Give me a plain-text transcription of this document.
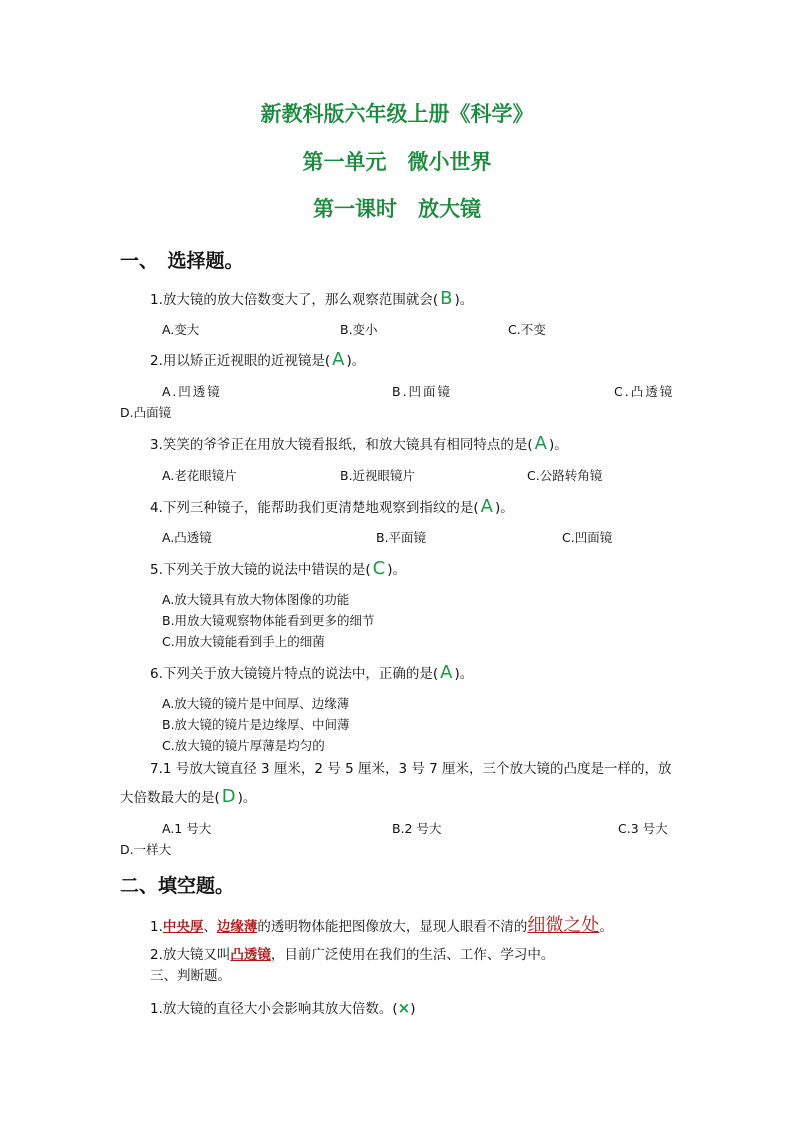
新教科版六年级上册《科学》
第一单元　微小世界
第一课时　放大镜
一、　选择题。
1.放大镜的放大倍数变大了，那么观察范围就会( B )。
A.变大	B.变小	C.不变
2.用以矫正近视眼的近视镜是( A )。
A.凹透镜	B.凹面镜	C.凸透镜
D.凸面镜
3.笑笑的爷爷正在用放大镜看报纸，和放大镜具有相同特点的是( A )。
A.老花眼镜片	B.近视眼镜片	C.公路转角镜
4.下列三种镜子，能帮助我们更清楚地观察到指纹的是( A )。
A.凸透镜	B.平面镜	C.凹面镜
5.下列关于放大镜的说法中错误的是( C )。
A.放大镜具有放大物体图像的功能
B.用放大镜观察物体能看到更多的细节
C.用放大镜能看到手上的细菌
6.下列关于放大镜镜片特点的说法中，正确的是( A )。
A.放大镜的镜片是中间厚、边缘薄
B.放大镜的镜片是边缘厚、中间薄
C.放大镜的镜片厚薄是均匀的
7.1 号放大镜直径 3 厘米，2 号 5 厘米，3 号 7 厘米，三个放大镜的凸度是一样的，放
大倍数最大的是( D )。
A.1 号大	B.2 号大	C.3 号大
D.一样大
二、填空题。
1.中央厚、边缘薄的透明物体能把图像放大，显现人眼看不清的细微之处。
2.放大镜又叫凸透镜，目前广泛使用在我们的生活、工作、学习中。
三、判断题。
1.放大镜的直径大小会影响其放大倍数。(×)
